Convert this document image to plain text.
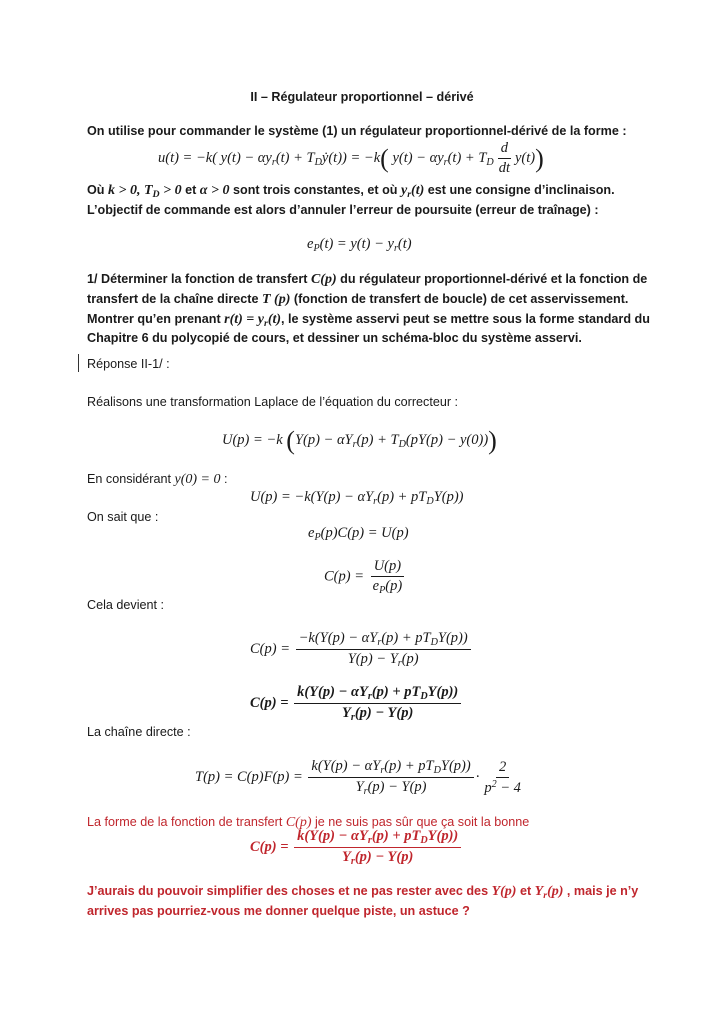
II – Régulateur proportionnel – dérivé
On utilise pour commander le système (1) un régulateur proportionnel-dérivé de la forme :
u(t) = −k( $y(t) - \alpha y_r(t)$ + $T_Dẏ(t)) = -k$( $y(t) - \alpha y_r(t) + T_D \frac{d}{dt} y(t)$)
Où k > 0, $T_D > 0$ et α > 0 sont trois constantes, et où $y_r(t)$ est une consigne d’inclinaison.
L’objectif de commande est alors d’annuler l’erreur de poursuite (erreur de traînage) :
$e_P(t) = y(t) - y_r(t)$
1/ Déterminer la fonction de transfert C(p) du régulateur proportionnel-dérivé et la fonction de
transfert de la chaîne directe T (p) (fonction de transfert de boucle) de cet asservissement.
Montrer qu’en prenant $r(t) = y_r(t)$, le système asservi peut se mettre sous la forme standard du
Chapitre 6 du polycopié de cours, et dessiner un schéma-bloc du système asservi.
Réponse II-1/ :
Réalisons une transformation Laplace de l’équation du correcteur :
U(p) = −k $(Y(p) - \alpha Y_r(p) + T_D(pY(p) - y(0)))$
En considérant y(0) = 0 :
$U(p) = -k(Y(p) - \alpha Y_r(p) + pT_DY(p))$
On sait que :
$e_P(p)C(p) = U(p)$
$C(p) = \frac{U(p)}{e_P(p)}$
Cela devient :
$C(p) = \frac{-k(Y(p) - \alpha Y_r(p) + pT_DY(p))}{Y(p) - Y_r(p)}$
$C(p) = \frac{k(Y(p) - \alpha Y_r(p) + pT_DY(p))}{Y_r(p) - Y(p)}$
La chaîne directe :
$T(p) = C(p)F(p) = \frac{k(Y(p) - \alpha Y_r(p) + pT_DY(p))}{Y_r(p) - Y(p)} \cdot \frac{2}{p^2 - 4}$
La forme de la fonction de transfert C(p) je ne suis pas sûr que ça soit la bonne
$C(p) = \frac{k(Y(p) - \alpha Y_r(p) + pT_DY(p))}{Y_r(p) - Y(p)}$
J’aurais du pouvoir simplifier des choses et ne pas rester avec des Y(p) et $Y_r(p)$ , mais je n’y
arrives pas pourriez-vous me donner quelque piste, un astuce ?
